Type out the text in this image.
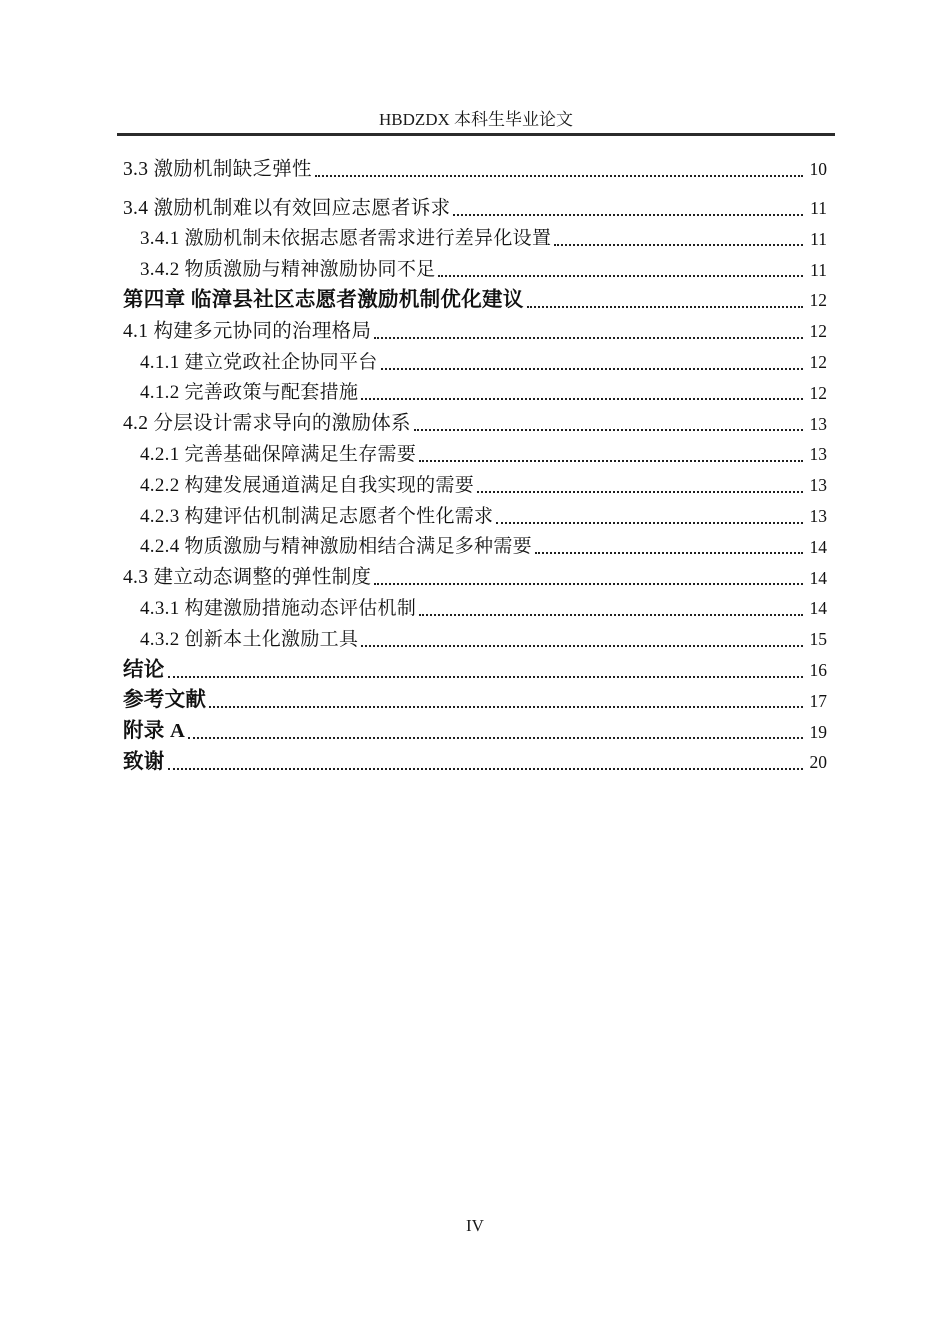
HBDZDX 本科生毕业论文
3.3 激励机制缺乏弹性	10
3.4 激励机制难以有效回应志愿者诉求	11
3.4.1 激励机制未依据志愿者需求进行差异化设置	11
3.4.2 物质激励与精神激励协同不足	11
第四章 临漳县社区志愿者激励机制优化建议	12
4.1 构建多元协同的治理格局	12
4.1.1 建立党政社企协同平台	12
4.1.2 完善政策与配套措施	12
4.2 分层设计需求导向的激励体系	13
4.2.1 完善基础保障满足生存需要	13
4.2.2 构建发展通道满足自我实现的需要	13
4.2.3 构建评估机制满足志愿者个性化需求	13
4.2.4 物质激励与精神激励相结合满足多种需要	14
4.3 建立动态调整的弹性制度	14
4.3.1 构建激励措施动态评估机制	14
4.3.2 创新本土化激励工具	15
结论	16
参考文献	17
附录 A	19
致谢	20
IV
